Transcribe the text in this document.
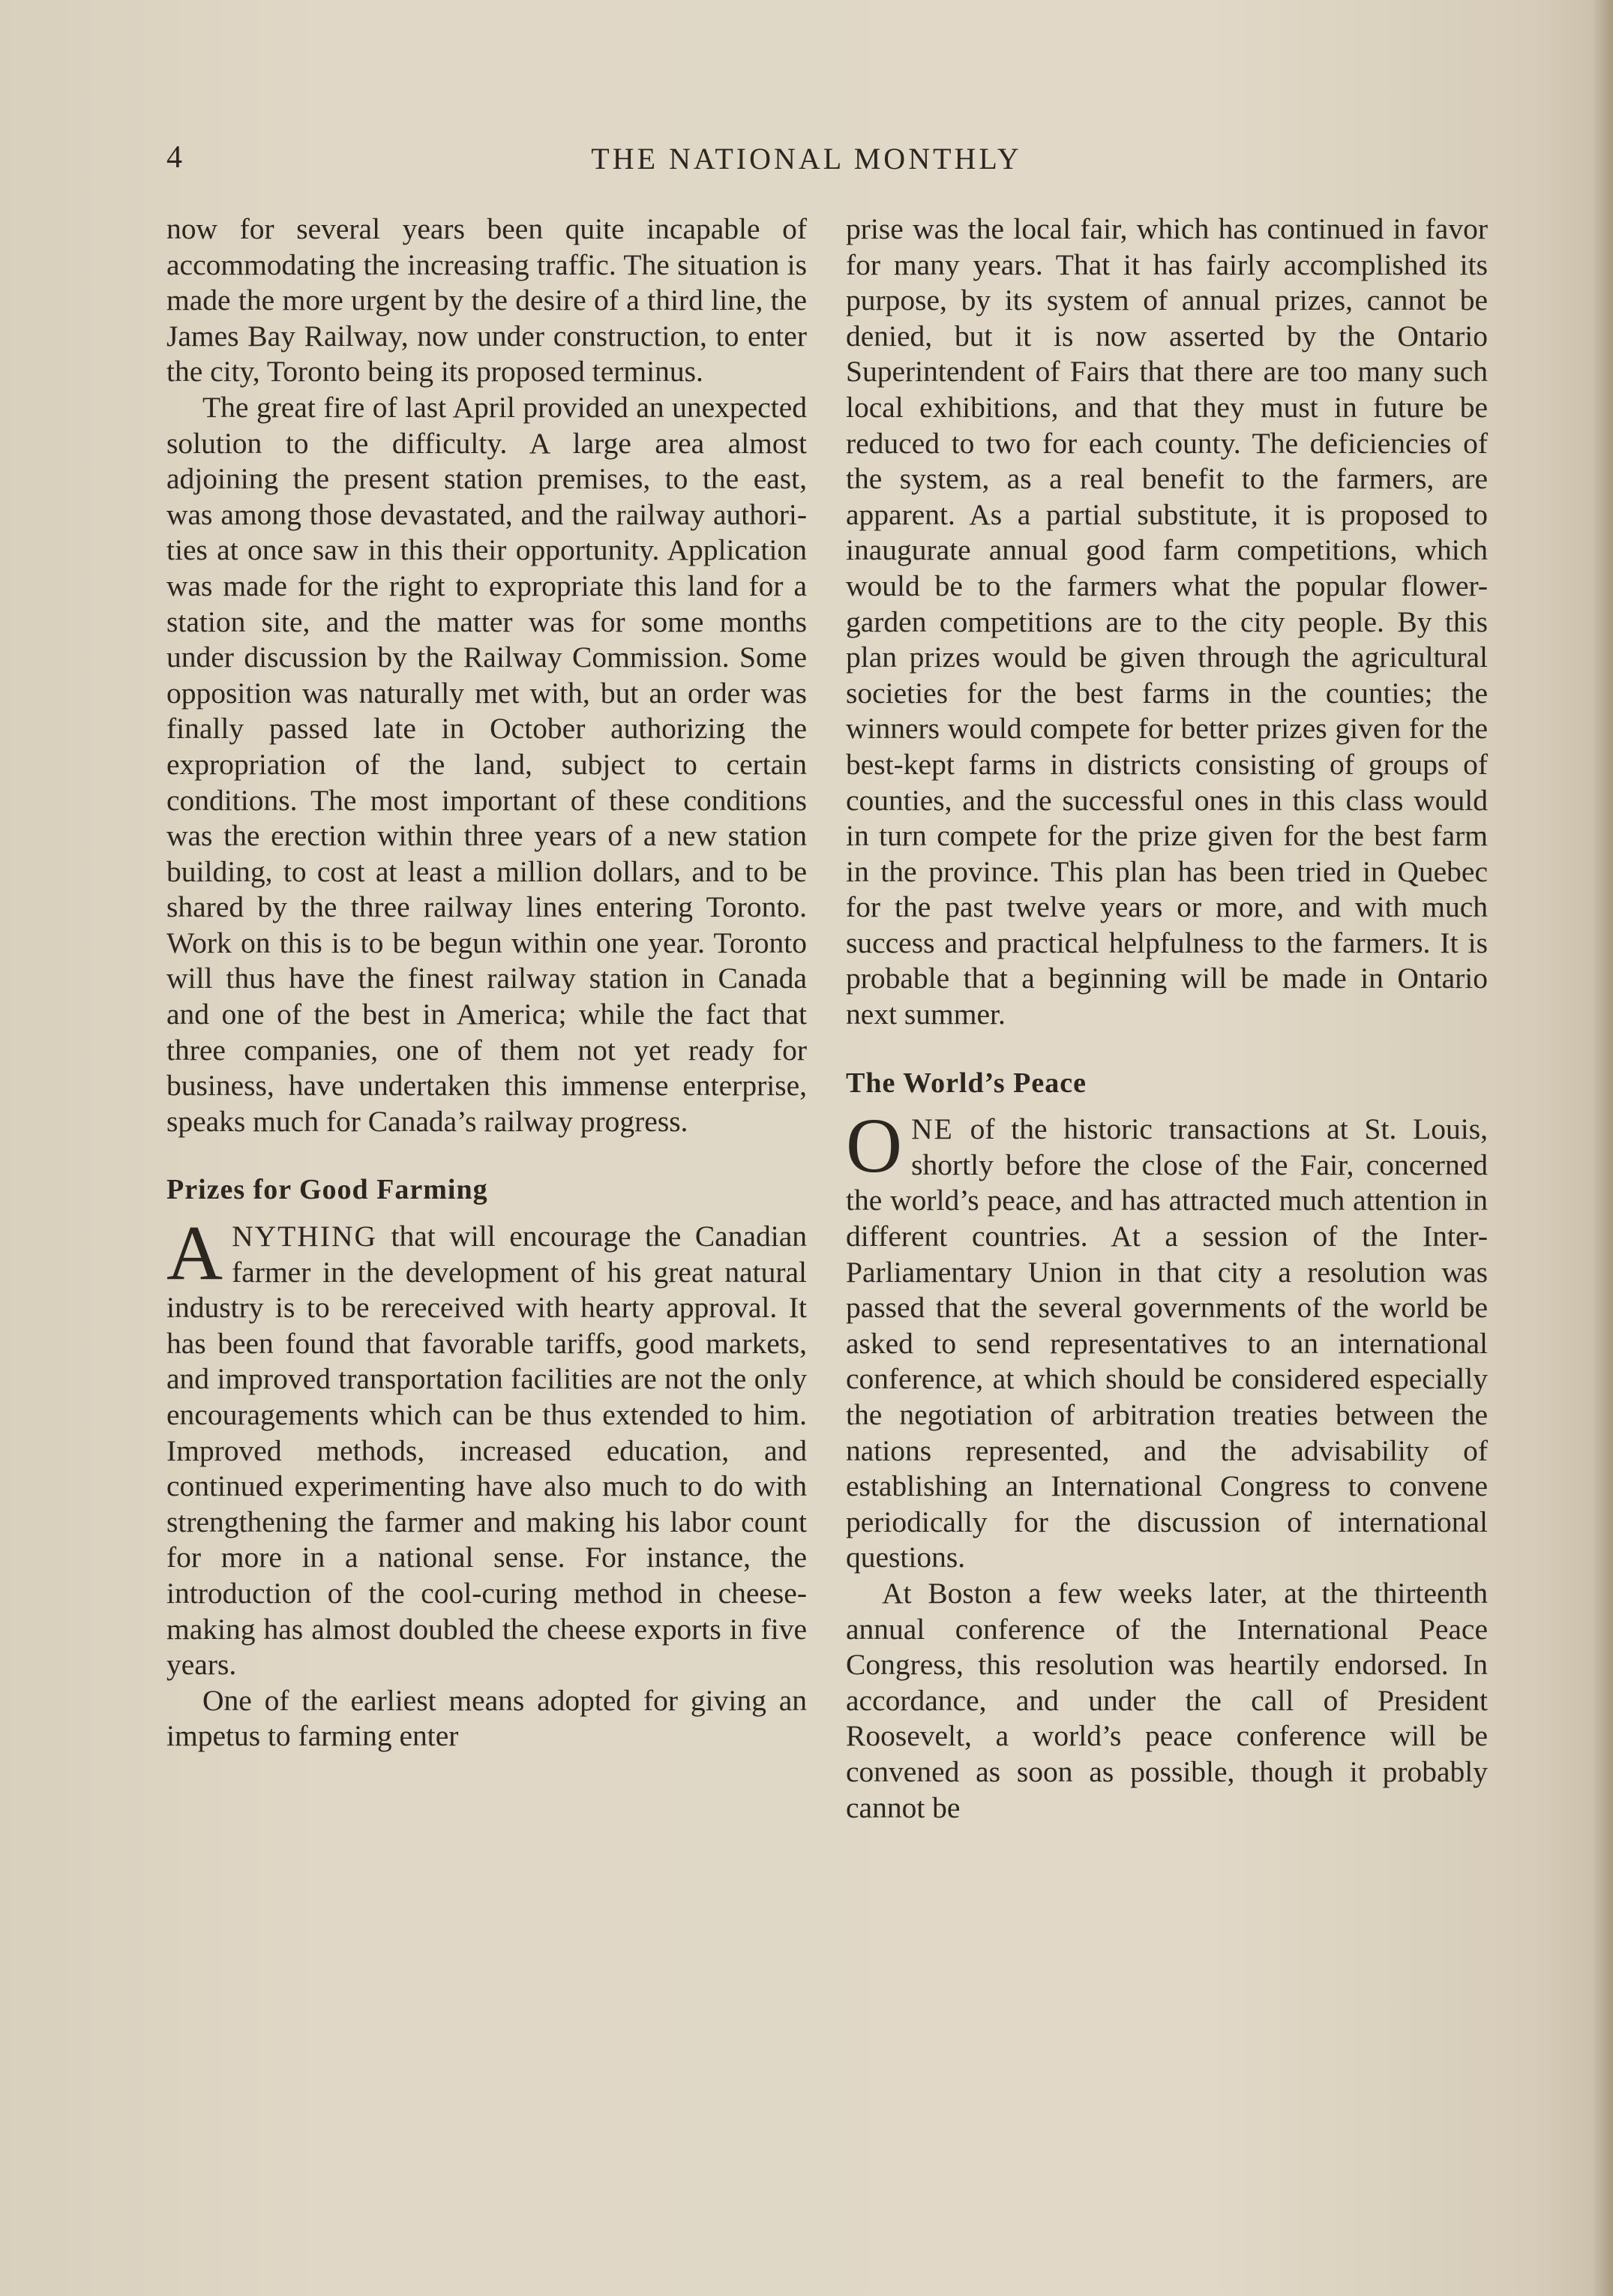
4	THE NATIONAL MONTHLY

now for several years been quite incapable of accommodating the increasing traffic. The situation is made the more urgent by the desire of a third line, the James Bay Railway, now under construction, to enter the city, Toronto being its proposed terminus.

The great fire of last April provided an unexpected solution to the difficulty. A large area almost adjoining the present station premises, to the east, was among those devastated, and the railway authorities at once saw in this their opportunity. Application was made for the right to expropriate this land for a station site, and the matter was for some months under discussion by the Railway Commission. Some opposition was naturally met with, but an order was finally passed late in October authorizing the expropriation of the land, subject to certain conditions. The most important of these conditions was the erection within three years of a new station building, to cost at least a million dollars, and to be shared by the three railway lines entering Toronto. Work on this is to be begun within one year. Toronto will thus have the finest railway station in Canada and one of the best in America; while the fact that three companies, one of them not yet ready for business, have undertaken this immense enterprise, speaks much for Canada’s railway progress.

Prizes for Good Farming

ANYTHING that will encourage the Canadian farmer in the development of his great natural industry is to be rereceived with hearty approval. It has been found that favorable tariffs, good markets, and improved transportation facilities are not the only encouragements which can be thus extended to him. Improved methods, increased education, and continued experimenting have also much to do with strengthening the farmer and making his labor count for more in a national sense. For instance, the introduction of the cool-curing method in cheese-making has almost doubled the cheese exports in five years.

One of the earliest means adopted for giving an impetus to farming enter

prise was the local fair, which has continued in favor for many years. That it has fairly accomplished its purpose, by its system of annual prizes, cannot be denied, but it is now asserted by the Ontario Superintendent of Fairs that there are too many such local exhibitions, and that they must in future be reduced to two for each county. The deficiencies of the system, as a real benefit to the farmers, are apparent. As a partial substitute, it is proposed to inaugurate annual good farm competitions, which would be to the farmers what the popular flower-garden competitions are to the city people. By this plan prizes would be given through the agricultural societies for the best farms in the counties; the winners would compete for better prizes given for the best-kept farms in districts consisting of groups of counties, and the successful ones in this class would in turn compete for the prize given for the best farm in the province. This plan has been tried in Quebec for the past twelve years or more, and with much success and practical helpfulness to the farmers. It is probable that a beginning will be made in Ontario next summer.

The World’s Peace

ONE of the historic transactions at St. Louis, shortly before the close of the Fair, concerned the world’s peace, and has attracted much attention in different countries. At a session of the Inter-Parliamentary Union in that city a resolution was passed that the several governments of the world be asked to send representatives to an international conference, at which should be considered especially the negotiation of arbitration treaties between the nations represented, and the advisability of establishing an International Congress to convene periodically for the discussion of international questions.

At Boston a few weeks later, at the thirteenth annual conference of the International Peace Congress, this resolution was heartily endorsed. In accordance, and under the call of President Roosevelt, a world’s peace conference will be convened as soon as possible, though it probably cannot be
